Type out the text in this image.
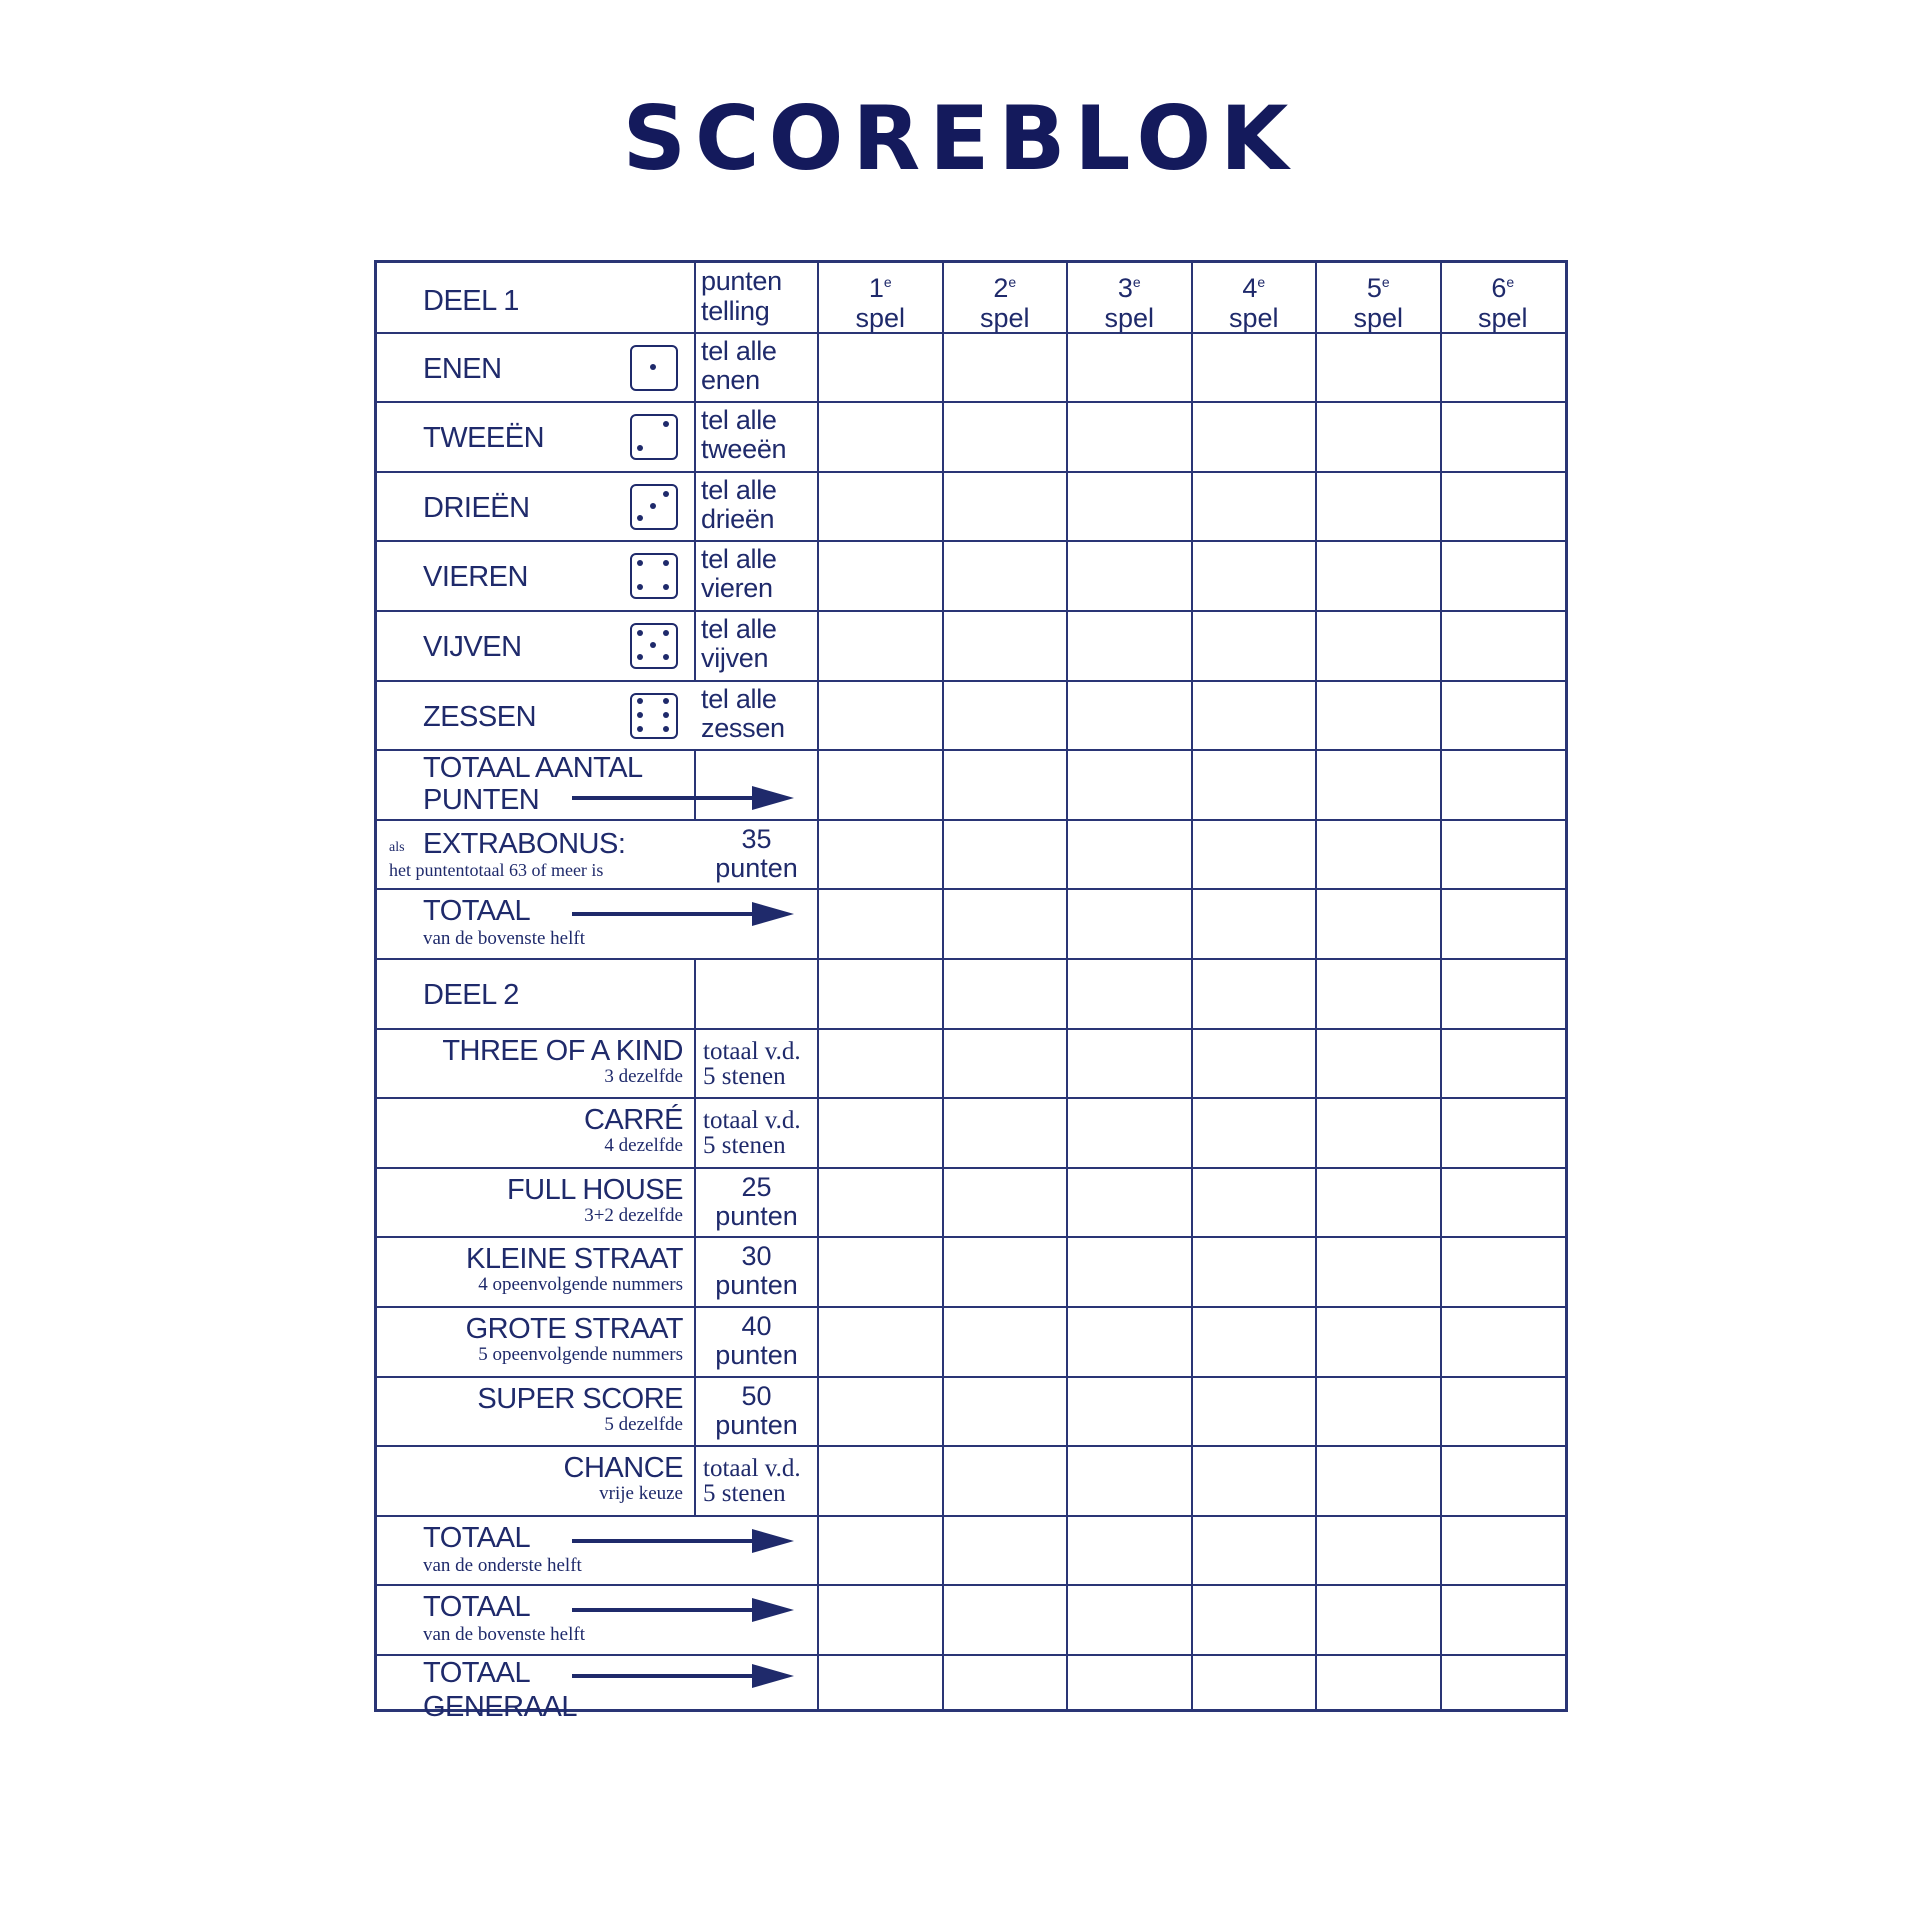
SCOREBLOK
DEEL 1
punten
telling
1e
spel
2e
spel
3e
spel
4e
spel
5e
spel
6e
spel
ENEN
tel alle
enen
TWEEËN
tel alle
tweeën
DRIEËN
tel alle
drieën
VIEREN
tel alle
vieren
VIJVEN
tel alle
vijven
ZESSEN
tel alle
zessen
TOTAAL AANTAL
PUNTEN
als EXTRABONUS:
het puntentotaal 63 of meer is
35
punten
TOTAAL
van de bovenste helft
DEEL 2
THREE OF A KIND
3 dezelfde
totaal v.d.
5 stenen
CARRÉ
4 dezelfde
totaal v.d.
5 stenen
FULL HOUSE
3+2 dezelfde
25
punten
KLEINE STRAAT
4 opeenvolgende nummers
30
punten
GROTE STRAAT
5 opeenvolgende nummers
40
punten
SUPER SCORE
5 dezelfde
50
punten
CHANCE
vrije keuze
totaal v.d.
5 stenen
TOTAAL
van de onderste helft
TOTAAL
van de bovenste helft
TOTAAL
GENERAAL
